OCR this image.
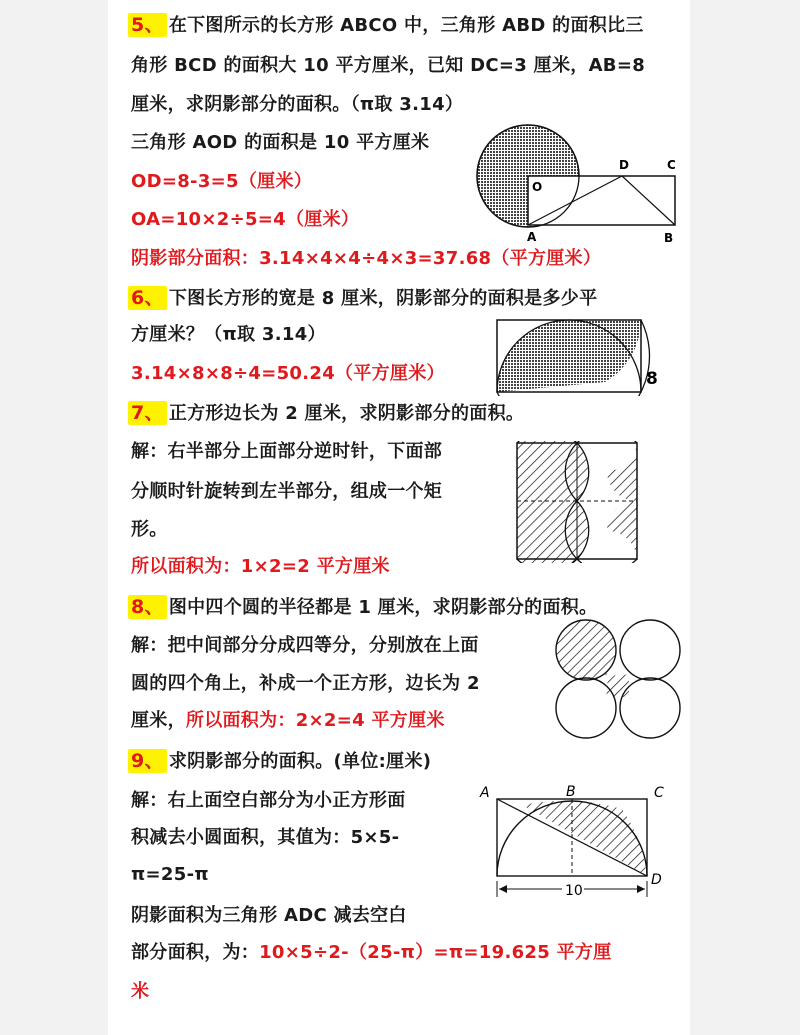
5、 在下图所示的长方形 ABCO 中，三角形 ABD 的面积比三
角形 BCD 的面积大 10 平方厘米，已知 DC=3 厘米，AB=8
厘米，求阴影部分的面积。（π取 3.14）
三角形 AOD 的面积是 10 平方厘米
OD=8-3=5（厘米）
OA=10×2÷5=4（厘米）
阴影部分面积：3.14×4×4÷4×3=37.68（平方厘米）
D	C
O
A	B
6、 下图长方形的宽是 8 厘米，阴影部分的面积是多少平
方厘米？（π取 3.14）
3.14×8×8÷4=50.24（平方厘米）	8
7、 正方形边长为 2 厘米，求阴影部分的面积。
解：右半部分上面部分逆时针，下面部
分顺时针旋转到左半部分，组成一个矩
形。
所以面积为：1×2=2 平方厘米
8、 图中四个圆的半径都是 1 厘米，求阴影部分的面积。
解：把中间部分分成四等分，分别放在上面
圆的四个角上，补成一个正方形，边长为 2
厘米，所以面积为：2×2=4 平方厘米
9、 求阴影部分的面积。(单位:厘米)
解：右上面空白部分为小正方形面
积减去小圆面积，其值为：5×5-
π=25-π
阴影面积为三角形 ADC 减去空白
部分面积，为：10×5÷2-（25-π）=π=19.625 平方厘
米
10
A	B	C
D
